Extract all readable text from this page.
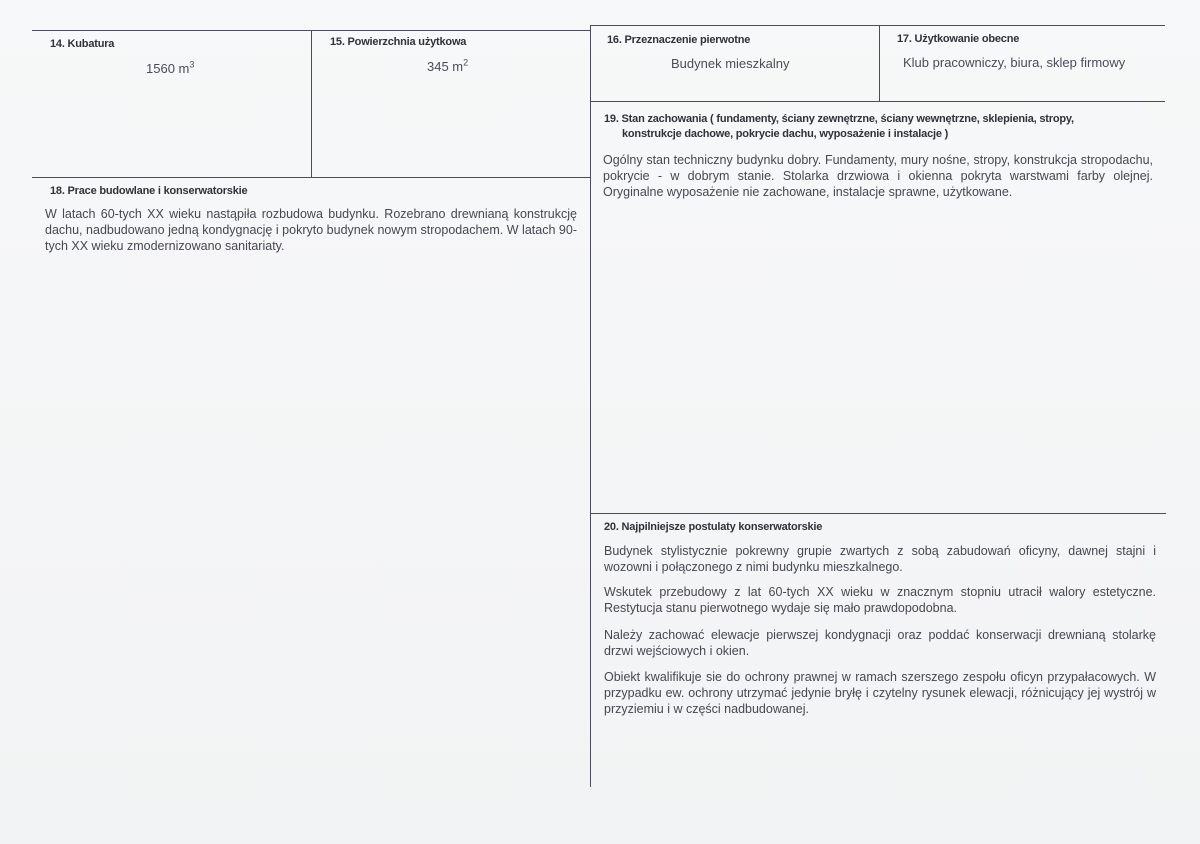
14. Kubatura
1560 $m^3$
15. Powierzchnia użytkowa
345 $m^2$
16. Przeznaczenie pierwotne
Budynek mieszkalny
17. Użytkowanie obecne
Klub pracowniczy, biura, sklep firmowy
18. Prace budowlane i konserwatorskie

W latach 60-tych XX wieku nastąpiła rozbudowa budynku. Rozebrano drewnianą konstrukcję dachu, nadbudowano jedną kondygnację i pokryto budynek nowym stropodachem. W latach 90-tych XX wieku zmodernizowano sanitariaty.

19. Stan zachowania ( fundamenty, ściany zewnętrzne, ściany wewnętrzne, sklepienia, stropy,
konstrukcje dachowe, pokrycie dachu, wyposażenie i instalacje )

Ogólny stan techniczny budynku dobry. Fundamenty, mury nośne, stropy, konstrukcja stropodachu, pokrycie - w dobrym stanie. Stolarka drzwiowa i okienna pokryta warstwami farby olejnej. Oryginalne wyposażenie nie zachowane, instalacje sprawne, użytkowane.

20. Najpilniejsze postulaty konserwatorskie

Budynek stylistycznie pokrewny grupie zwartych z sobą zabudowań oficyny, dawnej stajni i wozowni i połączonego z nimi budynku mieszkalnego.

Wskutek przebudowy z lat 60-tych XX wieku w znacznym stopniu utracił walory estetyczne. Restytucja stanu pierwotnego wydaje się mało prawdopodobna.

Należy zachować elewacje pierwszej kondygnacji oraz poddać konserwacji drewnianą stolarkę drzwi wejściowych i okien.

Obiekt kwalifikuje sie do ochrony prawnej w ramach szerszego zespołu oficyn przypałacowych. W przypadku ew. ochrony utrzymać jedynie bryłę i czytelny rysunek elewacji, różnicujący jej wystrój w przyziemiu i w części nadbudowanej.
